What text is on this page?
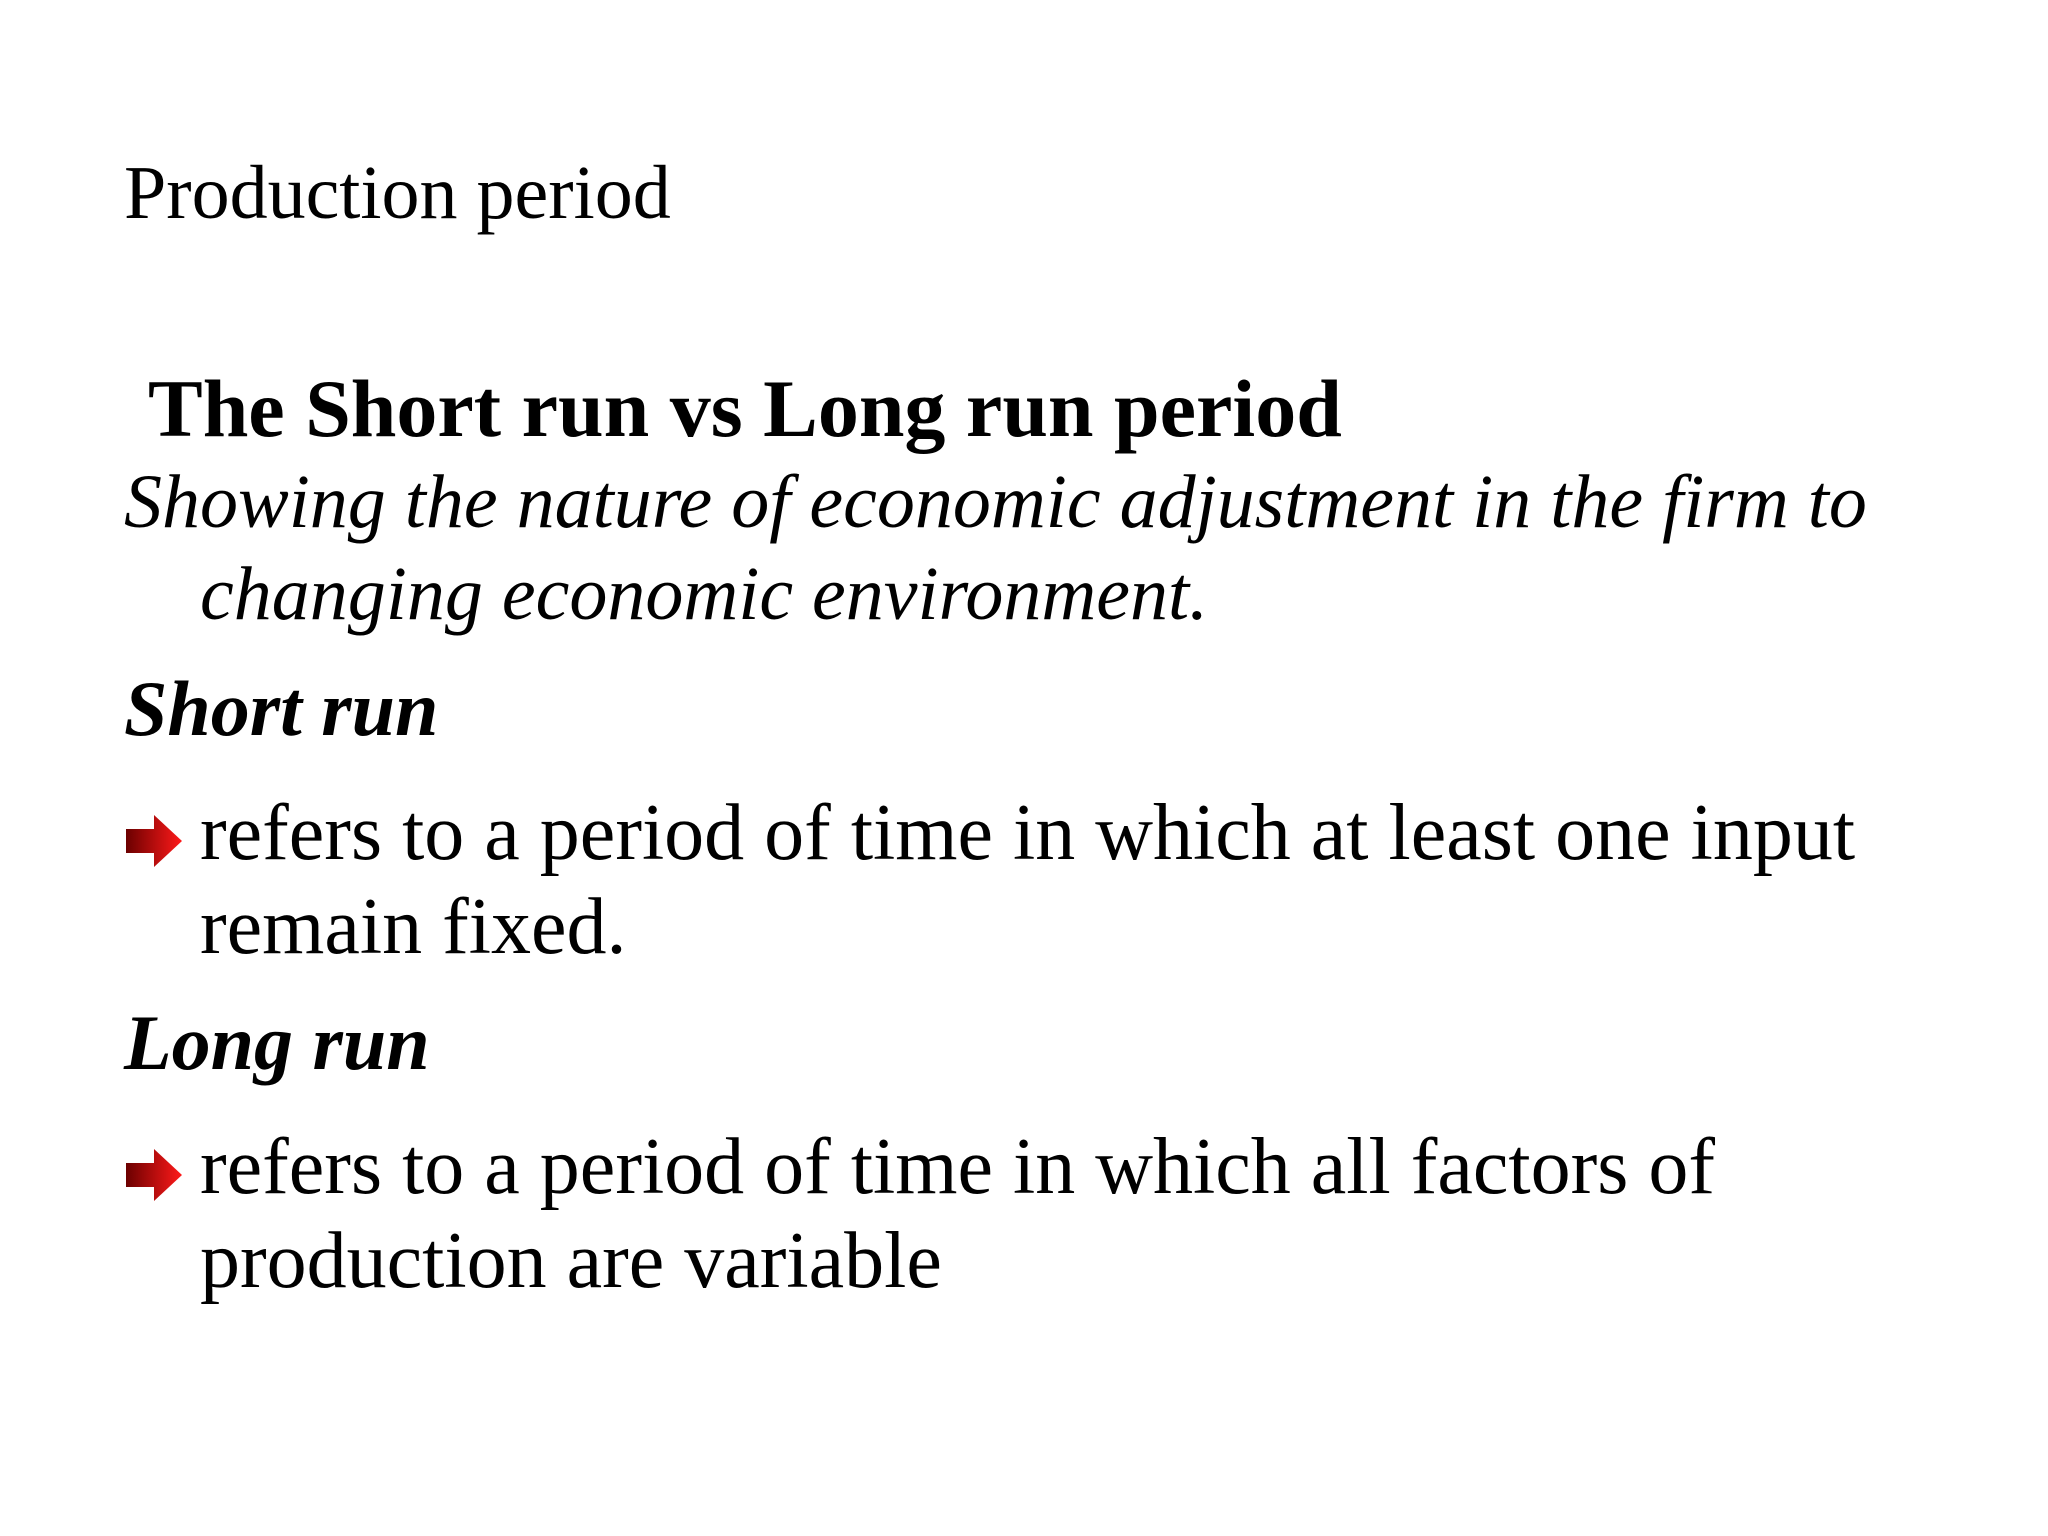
Production period
The Short run vs Long run period
Showing the nature of economic adjustment in the firm to changing economic environment.
Short run
refers to a period of time in which at least one input remain fixed.
Long run
refers to a period of time in which all factors of production are variable
